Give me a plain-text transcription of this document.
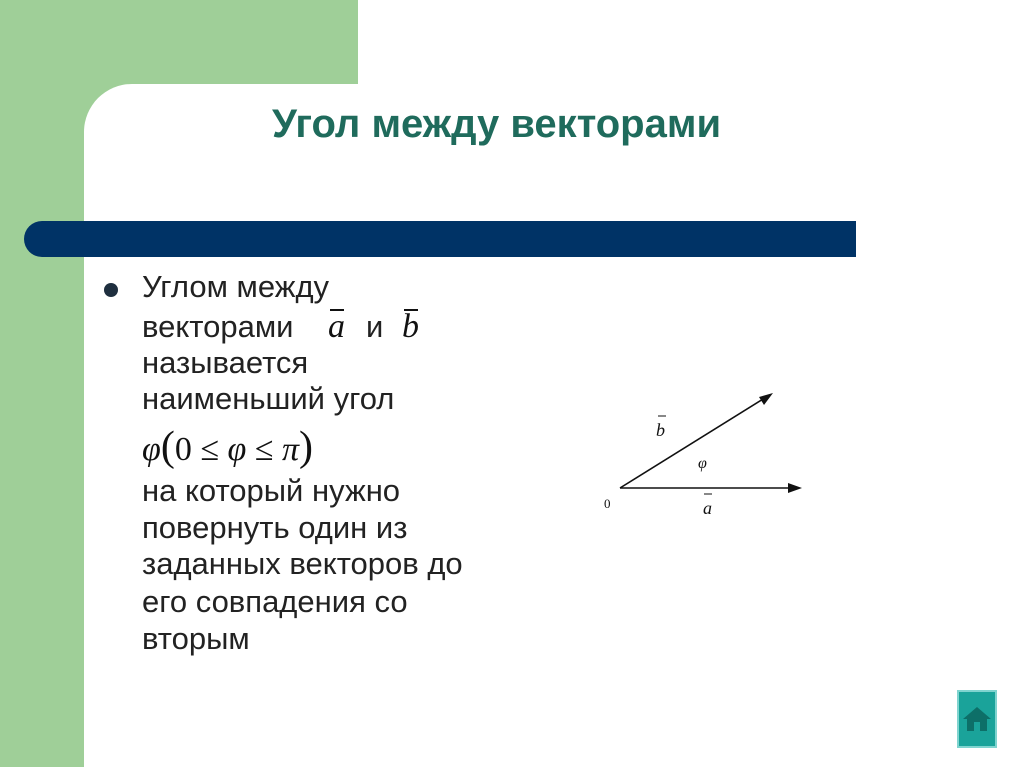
Угол между векторами

Углом между

векторами a и b

называется

наименьший угол

φ(0 ≤ φ ≤ π)

на который нужно

повернуть один из

заданных векторов до

его совпадения со

вторым

0
b
φ
a
